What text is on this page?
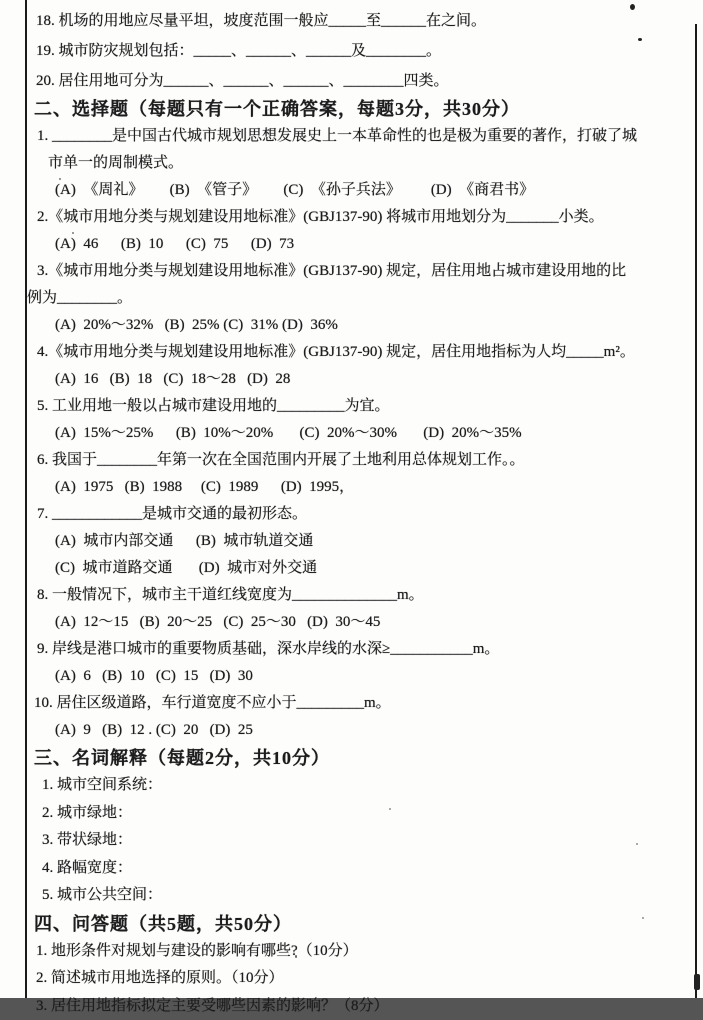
18. 机场的用地应尽量平坦，坡度范围一般应_____至______在之间。
19. 城市防灾规划包括：_____、______、______及________。
20. 居住用地可分为______、______、______、________四类。
二、选择题（每题只有一个正确答案，每题3分，共30分）
1. ________是中国古代城市规划思想发展史上一本革命性的也是极为重要的著作，打破了城
市单一的周制模式。
(A)  《周礼》       (B)  《管子》       (C)  《孙子兵法》        (D)  《商君书》
2.《城市用地分类与规划建设用地标准》(GBJ137-90) 将城市用地划分为_______小类。
(A)  46      (B)  10      (C)  75      (D)  73
3.《城市用地分类与规划建设用地标准》(GBJ137-90) 规定，居住用地占城市建设用地的比
例为________。
(A)  20%～32%   (B)  25% (C)  31% (D)  36%
4.《城市用地分类与规划建设用地标准》(GBJ137-90) 规定，居住用地指标为人均_____m²。
(A)  16   (B)  18   (C)  18～28   (D)  28
5. 工业用地一般以占城市建设用地的_________为宜。
(A)  15%～25%      (B)  10%～20%       (C)  20%～30%       (D)  20%～35%
6. 我国于________年第一次在全国范围内开展了土地利用总体规划工作。。
(A)  1975   (B)  1988     (C)  1989      (D)  1995，
7. ____________是城市交通的最初形态。
(A)  城市内部交通      (B)  城市轨道交通
(C)  城市道路交通       (D)  城市对外交通
8. 一般情况下，城市主干道红线宽度为______________m。
(A)  12～15   (B)  20～25   (C)  25～30   (D)  30～45
9. 岸线是港口城市的重要物质基础，深水岸线的水深≥___________m。
(A)  6   (B)  10   (C)  15   (D)  30
10. 居住区级道路，车行道宽度不应小于_________m。
(A)  9   (B)  12 . (C)  20   (D)  25
三、名词解释（每题2分，共10分）
1. 城市空间系统：
2. 城市绿地：
3. 带状绿地：
4. 路幅宽度：
5. 城市公共空间：
四、问答题（共5题，共50分）
1. 地形条件对规划与建设的影响有哪些?（10分）
2. 简述城市用地选择的原则。（10分）
3. 居住用地指标拟定主要受哪些因素的影响？（8分）
